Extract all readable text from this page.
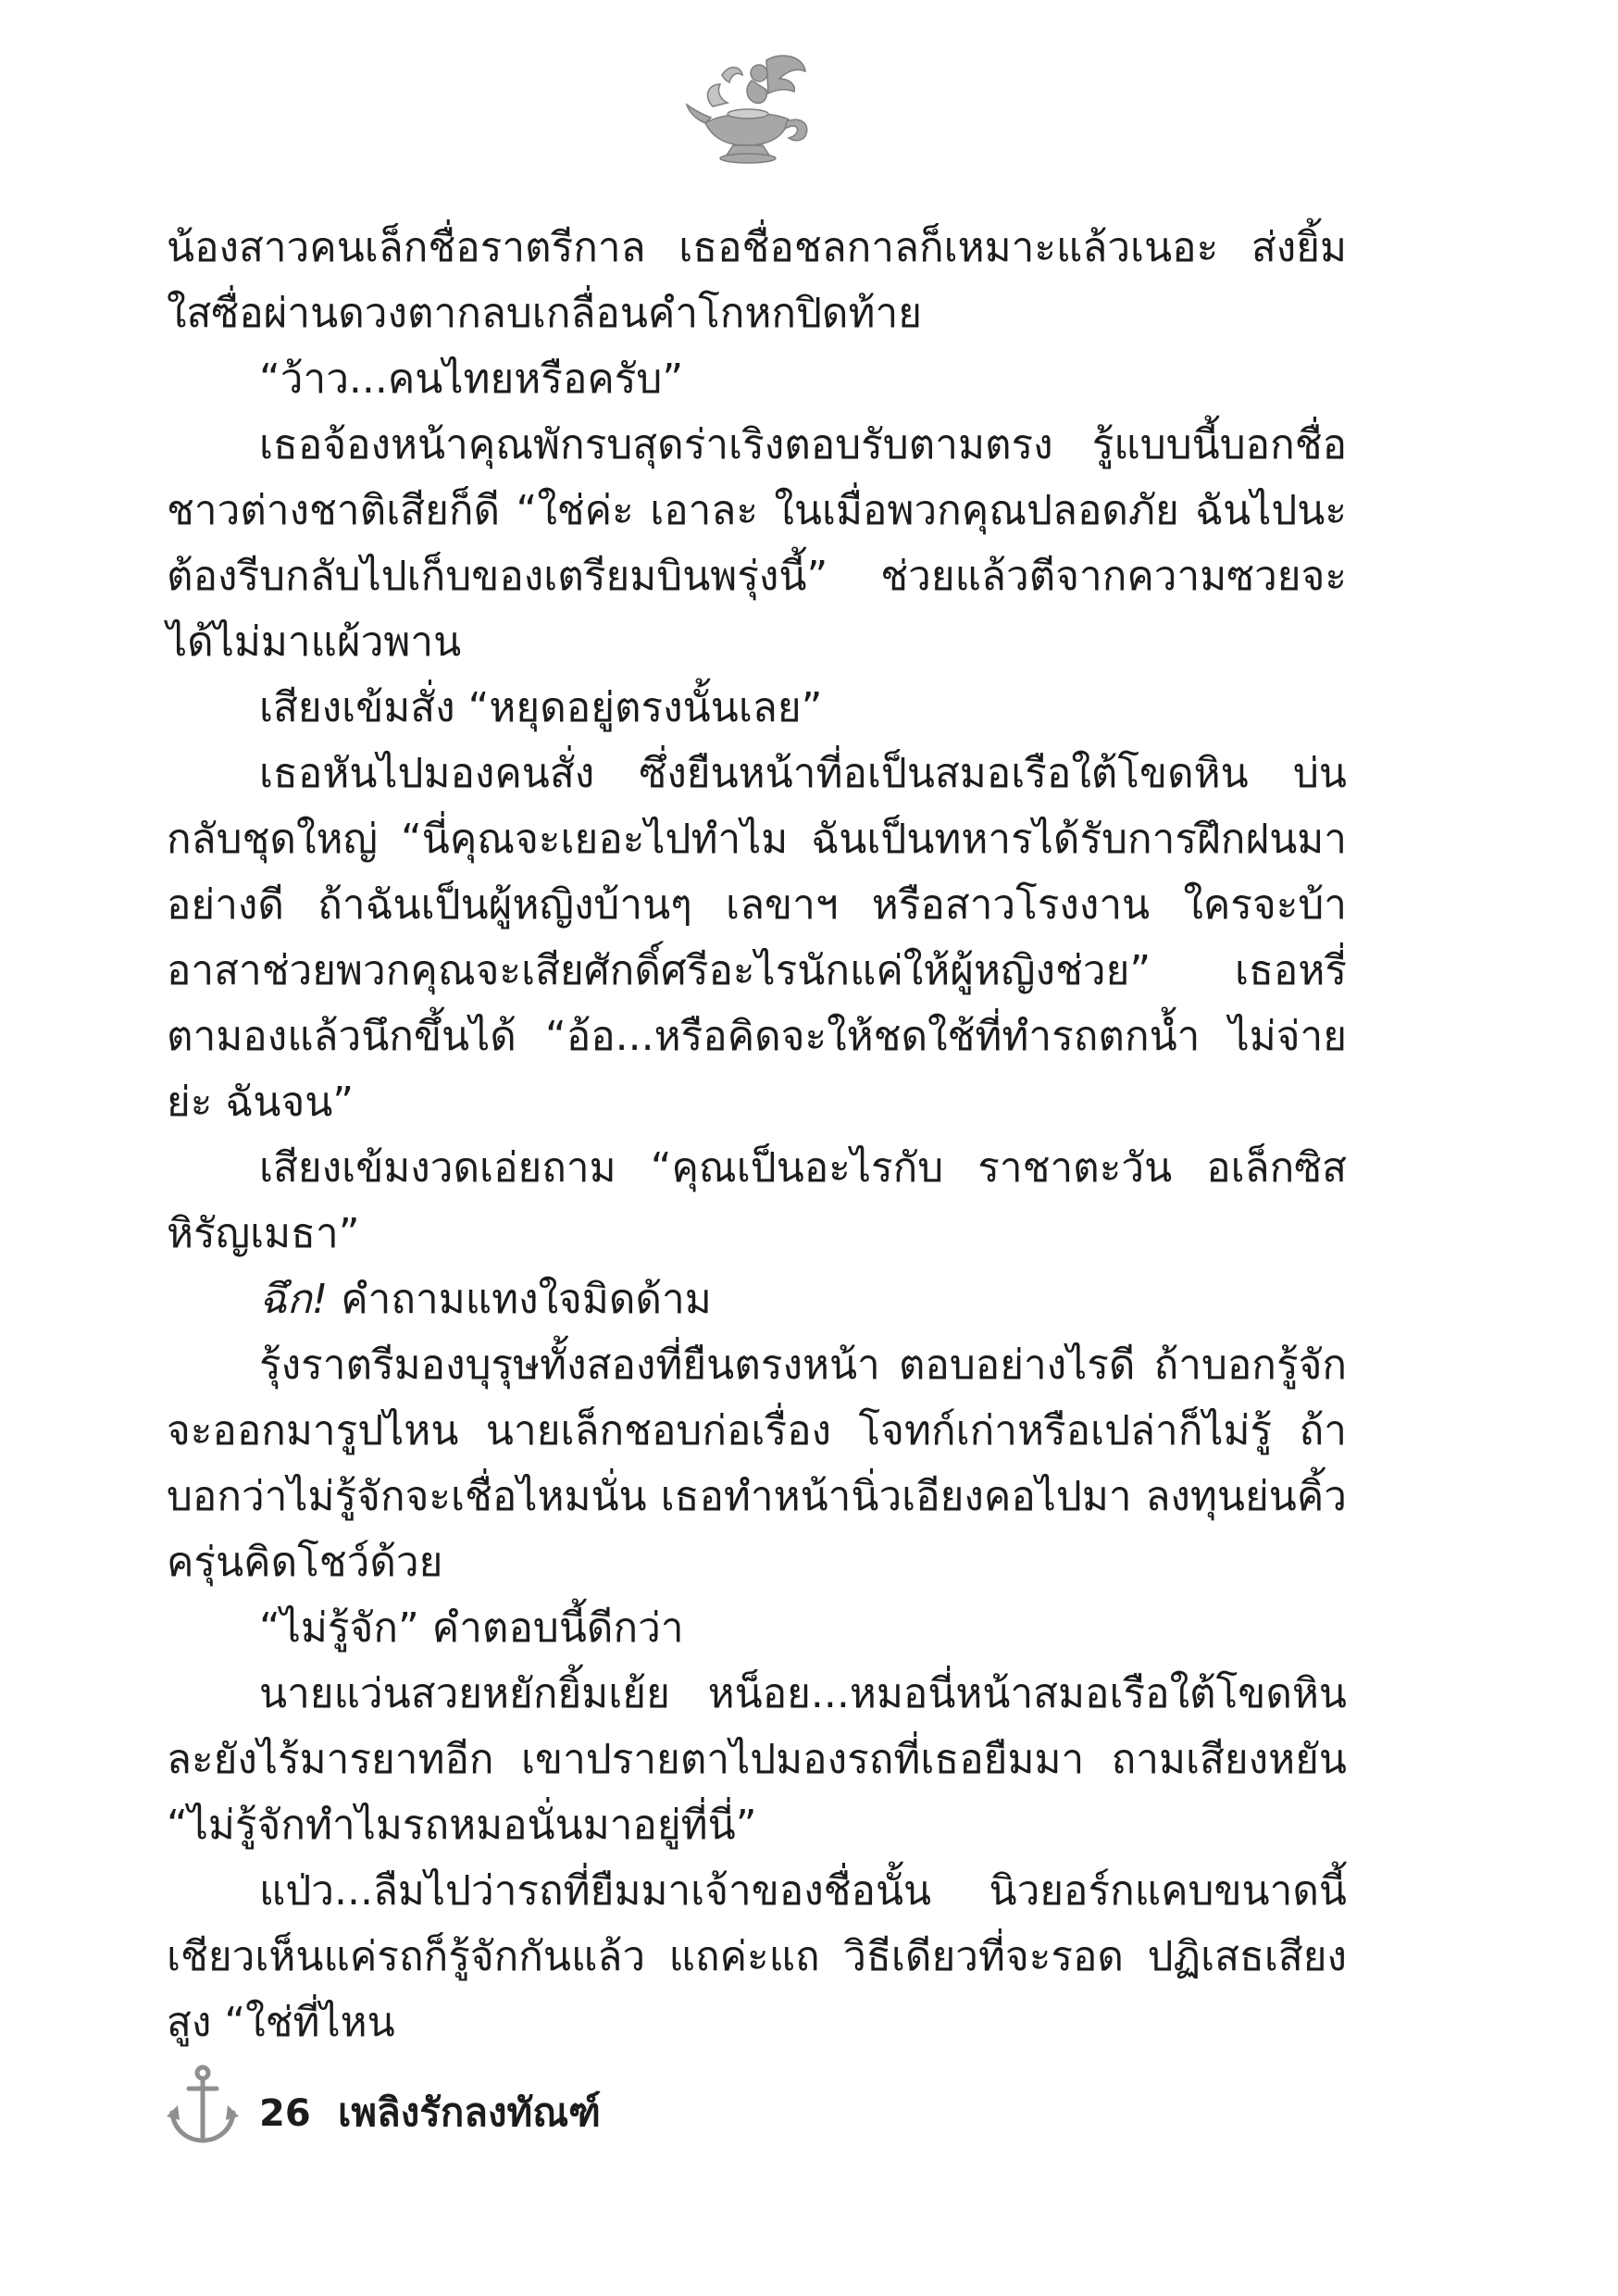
น้องสาวคนเล็กชื่อราตรีกาล เธอชื่อชลกาลก็เหมาะแล้วเนอะ ส่งยิ้มใสซื่อผ่านดวงตากลบเกลื่อนคำโกหกปิดท้าย

“ว้าว...คนไทยหรือครับ”

เธอจ้องหน้าคุณพักรบสุดร่าเริงตอบรับตามตรง รู้แบบนี้บอกชื่อชาวต่างชาติเสียก็ดี “ใช่ค่ะ เอาละ ในเมื่อพวกคุณปลอดภัย ฉันไปนะ ต้องรีบกลับไปเก็บของเตรียมบินพรุ่งนี้” ช่วยแล้วตีจากความซวยจะได้ไม่มาแผ้วพาน

เสียงเข้มสั่ง “หยุดอยู่ตรงนั้นเลย”

เธอหันไปมองคนสั่ง ซึ่งยืนหน้าที่อเป็นสมอเรือใต้โขดหิน บ่นกลับชุดใหญ่ “นี่คุณจะเยอะไปทำไม ฉันเป็นทหารได้รับการฝึกฝนมาอย่างดี ถ้าฉันเป็นผู้หญิงบ้านๆ เลขาฯ หรือสาวโรงงาน ใครจะบ้าอาสาช่วยพวกคุณจะเสียศักดิ์ศรีอะไรนักแค่ให้ผู้หญิงช่วย” เธอหรี่ตามองแล้วนึกขึ้นได้ “อ้อ...หรือคิดจะให้ชดใช้ที่ทำรถตกน้ำ ไม่จ่ายย่ะ ฉันจน”

เสียงเข้มงวดเอ่ยถาม “คุณเป็นอะไรกับ ราชาตะวัน อเล็กซิส หิรัญเมธา”

ฉึก! คำถามแทงใจมิดด้าม

รุ้งราตรีมองบุรุษทั้งสองที่ยืนตรงหน้า ตอบอย่างไรดี ถ้าบอกรู้จักจะออกมารูปไหน นายเล็กชอบก่อเรื่อง โจทก์เก่าหรือเปล่าก็ไม่รู้ ถ้าบอกว่าไม่รู้จักจะเชื่อไหมนั่น เธอทำหน้านิ่วเอียงคอไปมา ลงทุนย่นคิ้วครุ่นคิดโชว์ด้วย

“ไม่รู้จัก” คำตอบนี้ดีกว่า

นายแว่นสวยหยักยิ้มเย้ย หน็อย...หมอนี่หน้าสมอเรือใต้โขดหินละยังไร้มารยาทอีก เขาปรายตาไปมองรถที่เธอยืมมา ถามเสียงหยัน “ไม่รู้จักทำไมรถหมอนั่นมาอยู่ที่นี่”

แป่ว...ลืมไปว่ารถที่ยืมมาเจ้าของชื่อนั้น นิวยอร์กแคบขนาดนี้เชียวเห็นแค่รถก็รู้จักกันแล้ว แถค่ะแถ วิธีเดียวที่จะรอด ปฏิเสธเสียงสูง “ใช่ที่ไหน

26 เพลิงรักลงทัณฑ์
